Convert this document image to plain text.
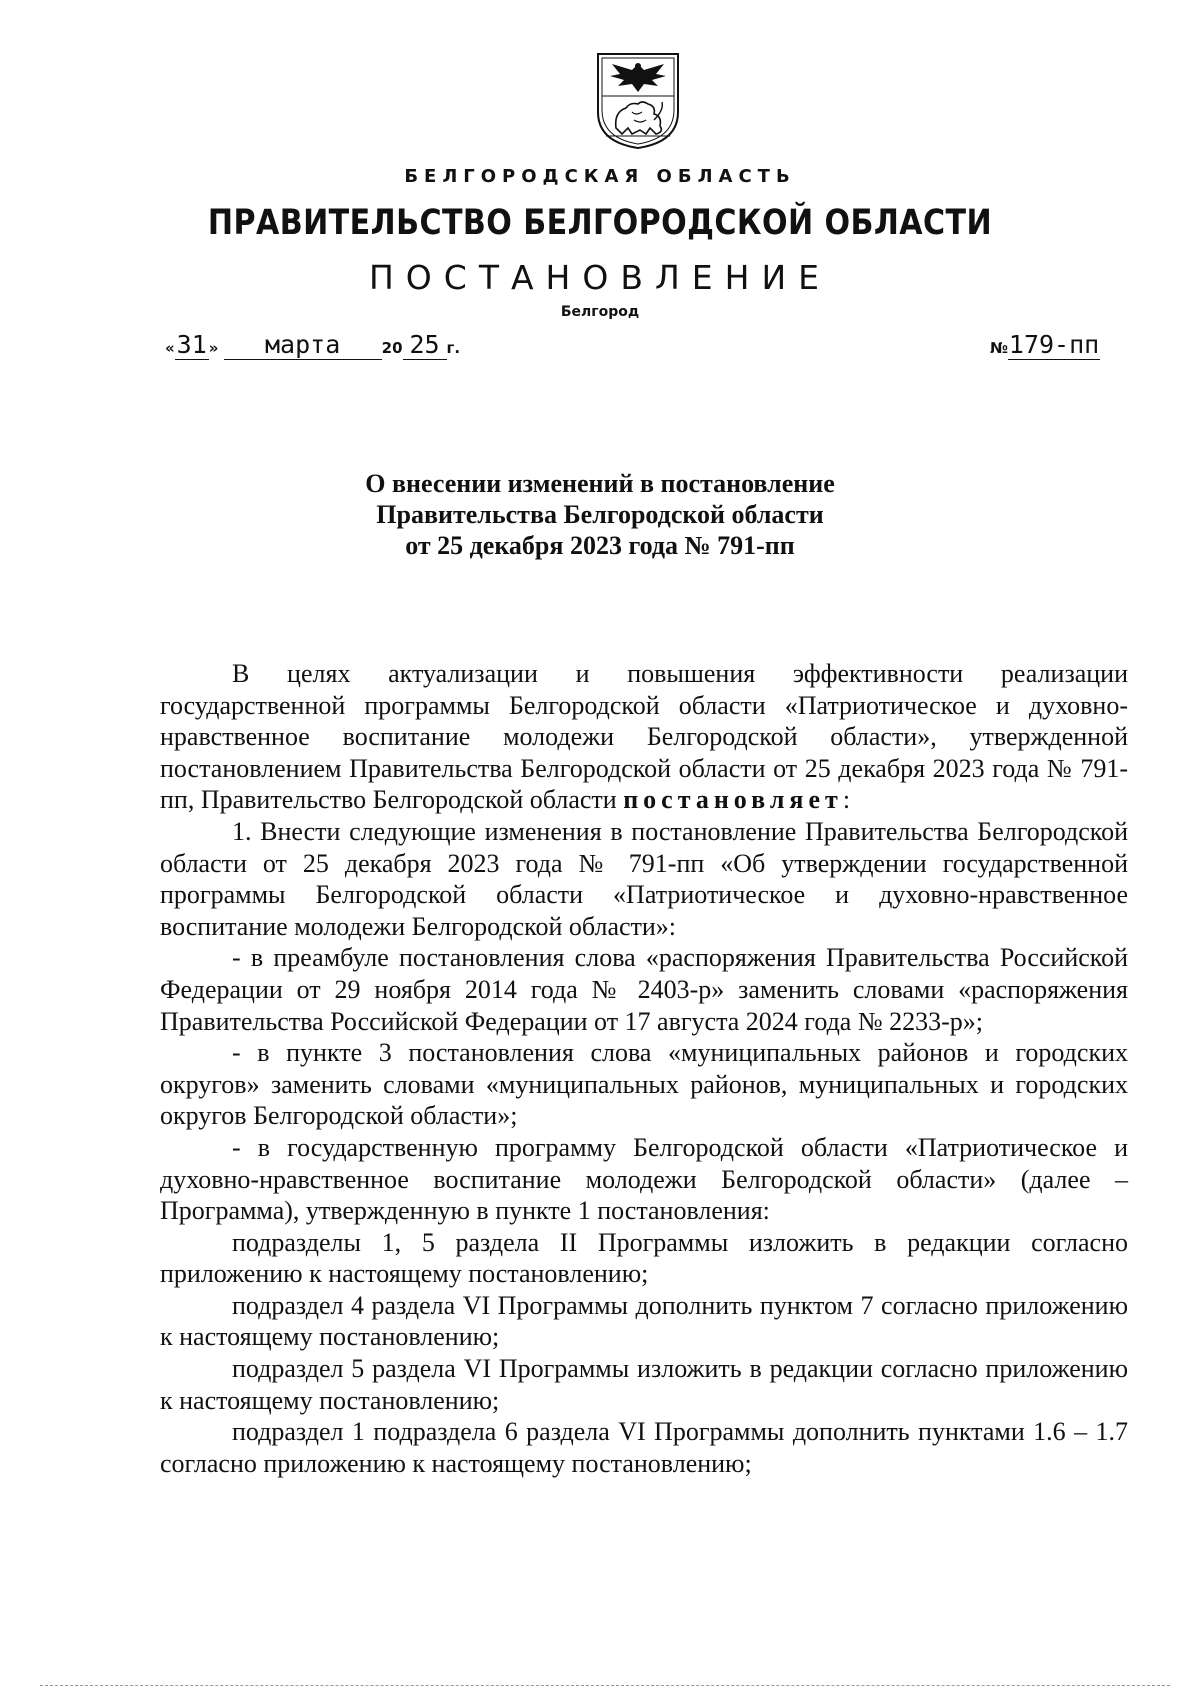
БЕЛГОРОДСКАЯ ОБЛАСТЬ
ПРАВИТЕЛЬСТВО БЕЛГОРОДСКОЙ ОБЛАСТИ
ПОСТАНОВЛЕНИЕ
Белгород
«31 » марта	20 25 г.	№179-пп
О внесении изменений в постановление
Правительства Белгородской области
от 25 декабря 2023 года № 791-пп

В целях актуализации и повышения эффективности реализации государственной программы Белгородской области «Патриотическое и духовно-нравственное воспитание молодежи Белгородской области», утвержденной постановлением Правительства Белгородской области от 25 декабря 2023 года № 791-пп, Правительство Белгородской области постановляет:

1. Внести следующие изменения в постановление Правительства Белгородской области от 25 декабря 2023 года № 791-пп «Об утверждении государственной программы Белгородской области «Патриотическое и духовно-нравственное воспитание молодежи Белгородской области»:

- в преамбуле постановления слова «распоряжения Правительства Российской Федерации от 29 ноября 2014 года № 2403-р» заменить словами «распоряжения Правительства Российской Федерации от 17 августа 2024 года № 2233-р»;

- в пункте 3 постановления слова «муниципальных районов и городских округов» заменить словами «муниципальных районов, муниципальных и городских округов Белгородской области»;

- в государственную программу Белгородской области «Патриотическое и духовно-нравственное воспитание молодежи Белгородской области» (далее – Программа), утвержденную в пункте 1 постановления:

подразделы 1, 5 раздела II Программы изложить в редакции согласно приложению к настоящему постановлению;

подраздел 4 раздела VI Программы дополнить пунктом 7 согласно приложению к настоящему постановлению;

подраздел 5 раздела VI Программы изложить в редакции согласно приложению к настоящему постановлению;

подраздел 1 подраздела 6 раздела VI Программы дополнить пунктами 1.6 – 1.7 согласно приложению к настоящему постановлению;
